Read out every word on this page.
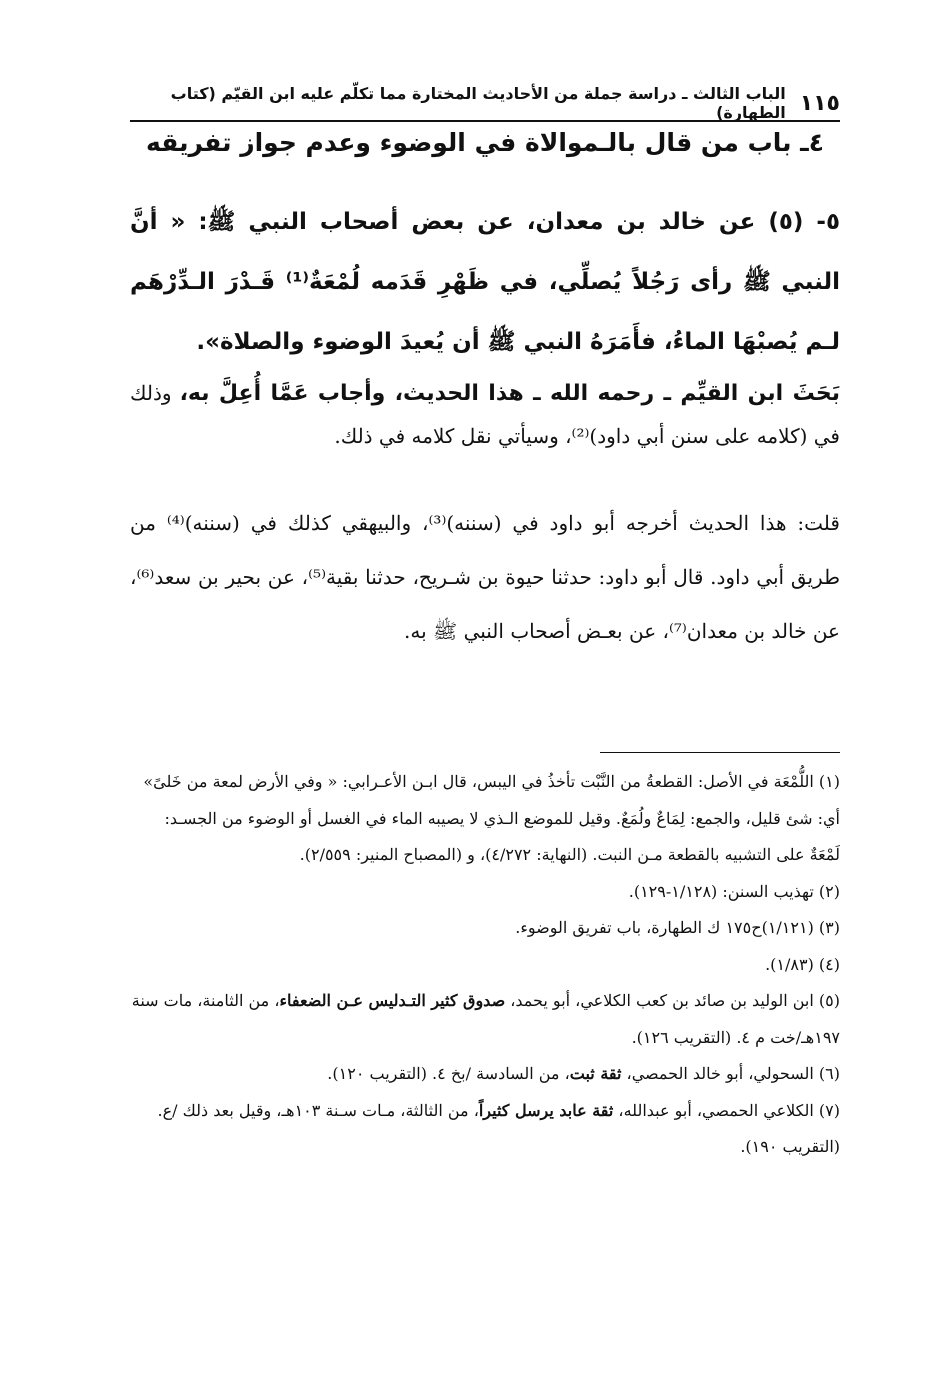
١١٥
الباب الثالث ـ دراسة جملة من الأحاديث المختارة مما تكلّم عليه ابن القيّم (كتاب الطهارة)
٤ـ باب من قال بالـموالاة في الوضوء وعدم جواز تفريقه
٥- (٥) عن خالد بن معدان، عن بعض أصحاب النبي ﷺ: « أنَّ النبي ﷺ رأى رَجُلاً يُصلِّي، في ظَهْرِ قَدَمه لُمْعَةٌ⁽¹⁾ قَـدْرَ الـدِّرْهَم لـم يُصبْهَا الماءُ، فأَمَرَهُ النبي ﷺ أن يُعيدَ الوضوء والصلاة».
بَحَثَ ابن القيِّم ـ رحمه الله ـ هذا الحديث، وأجاب عَمَّا أُعِلَّ به، وذلك في (كلامه على سنن أبي داود)⁽²⁾، وسيأتي نقل كلامه في ذلك.
قلت: هذا الحديث أخرجه أبو داود في (سننه)⁽³⁾، والبيهقي كذلك في (سننه)⁽⁴⁾ من طريق أبي داود. قال أبو داود: حدثنا حيوة بن شـريح، حدثنا بقية⁽⁵⁾، عن بحير بن سعد⁽⁶⁾، عن خالد بن معدان⁽⁷⁾، عن بعـض أصحاب النبي ﷺ به.

(١) اللُّمْعَة في الأصل: القطعةُ من النَّبْت تأخذُ في اليبس، قال ابـن الأعـرابي: « وفي الأرض لمعة من خَلىً» أي: شئ قليل، والجمع: لِمَاعٌ ولُمَعٌ. وقيل للموضع الـذي لا يصيبه الماء في الغسل أو الوضوء من الجسـد: لَمْعَةٌ على التشبيه بالقطعة مـن النبت. (النهاية: ٤/٢٧٢)، و (المصباح المنير: ٢/٥٥٩).

(٢) تهذيب السنن: (١/١٢٨-١٢٩).

(٣) (١/١٢١)ح١٧٥ ك الطهارة، باب تفريق الوضوء.

(٤) (١/٨٣).

(٥) ابن الوليد بن صائد بن كعب الكلاعي، أبو يحمد، صدوق كثير التـدليس عـن الضعفاء، من الثامنة، مات سنة ١٩٧هـ/خت م ٤. (التقريب ١٢٦).

(٦) السحولي، أبو خالد الحمصي، ثقة ثبت، من السادسة /بخ ٤. (التقريب ١٢٠).

(٧) الكلاعي الحمصي، أبو عبدالله، ثقة عابد يرسل كثيراً، من الثالثة، مـات سـنة ١٠٣هـ، وقيل بعد ذلك /ع. (التقريب ١٩٠).
